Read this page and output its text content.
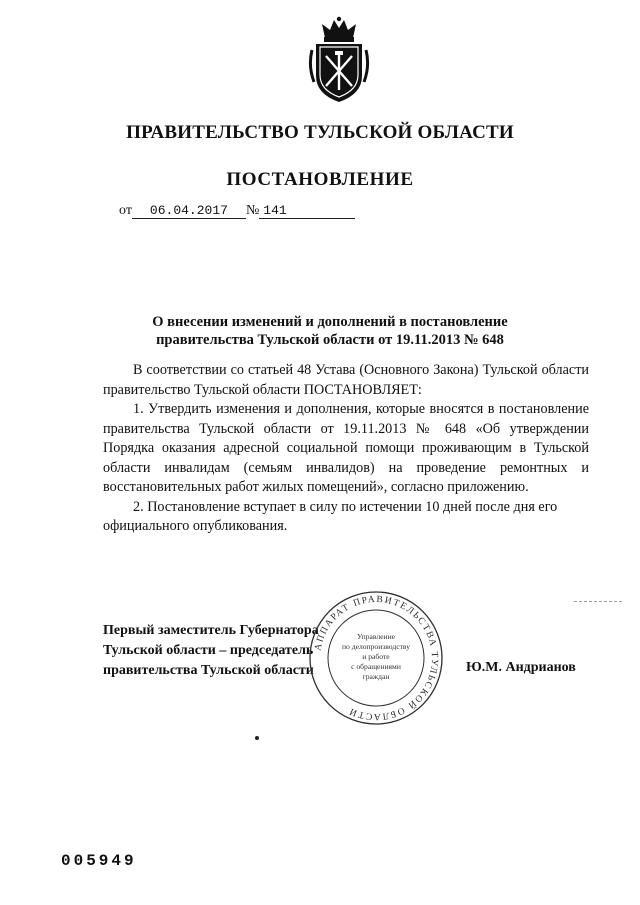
ПРАВИТЕЛЬСТВО ТУЛЬСКОЙ ОБЛАСТИ
ПОСТАНОВЛЕНИЕ
от 06.04.2017 № 141
О внесении изменений и дополнений в постановление
правительства Тульской области от 19.11.2013 № 648

В соответствии со статьей 48 Устава (Основного Закона) Тульской области правительство Тульской области ПОСТАНОВЛЯЕТ:

1. Утвердить изменения и дополнения, которые вносятся в постановление правительства Тульской области от 19.11.2013 № 648 «Об утверждении Порядка оказания адресной социальной помощи проживающим в Тульской области инвалидам (семьям инвалидов) на проведение ремонтных и восстановительных работ жилых помещений», согласно приложению.

2. Постановление вступает в силу по истечении 10 дней после дня его официального опубликования.

Первый заместитель Губернатора
Тульской области – председатель
правительства Тульской области
АППАРАТ ПРАВИТЕЛЬСТВА ТУЛЬСКОЙ ОБЛАСТИ
Управление
по делопроизводству
и работе
с обращениями
граждан
Ю.М. Андрианов
005949
